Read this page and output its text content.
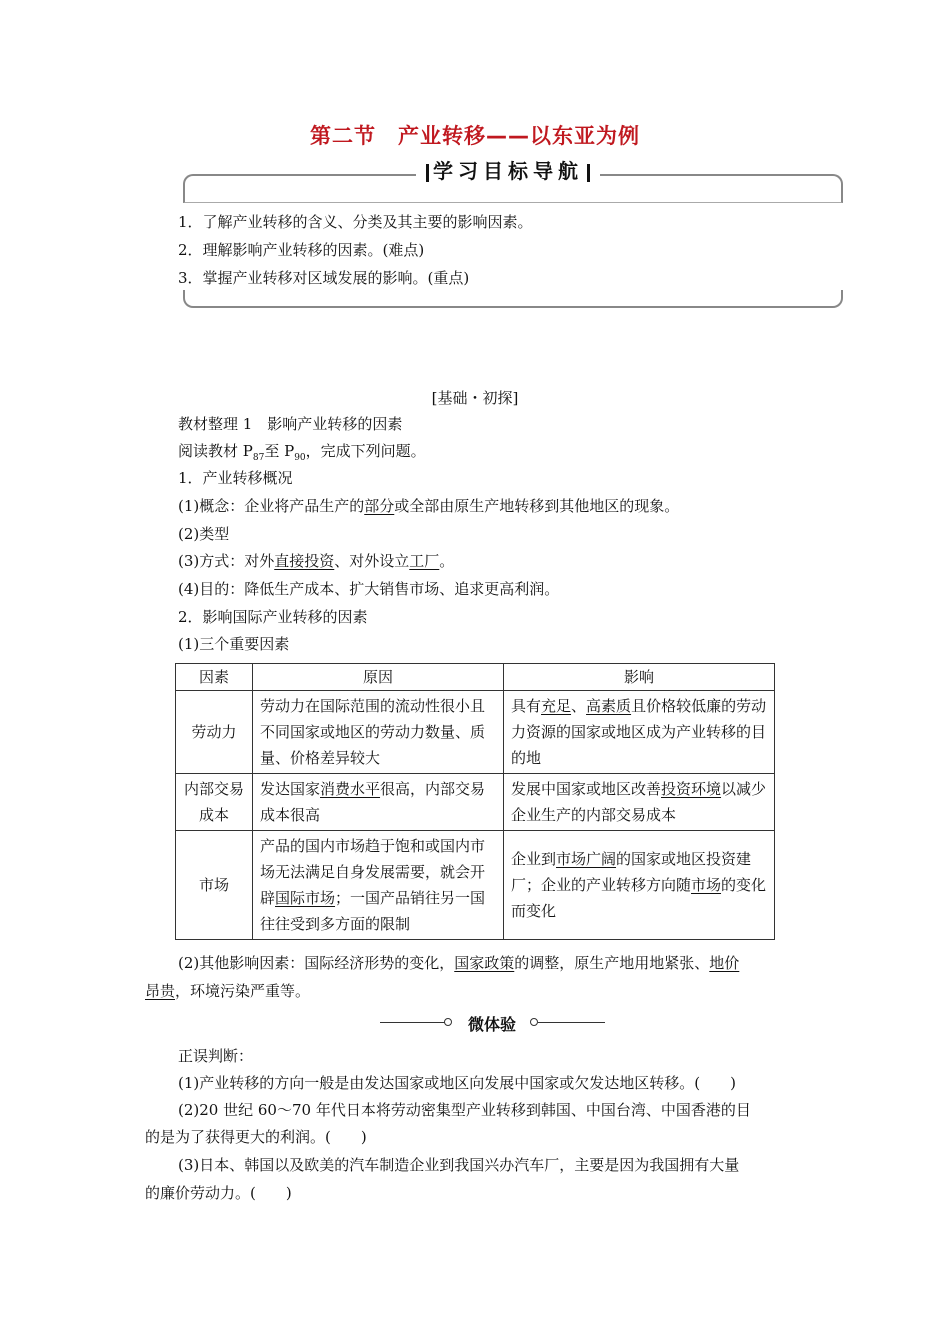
第二节 产业转移——以东亚为例
学习目标导航
1．了解产业转移的含义、分类及其主要的影响因素。
2．理解影响产业转移的因素。(难点)
3．掌握产业转移对区域发展的影响。(重点)
[基础・初探]
教材整理 1　影响产业转移的因素
阅读教材 $P_{87}$至 $P_{90}$，完成下列问题。
1．产业转移概况
(1)概念：企业将产品生产的部分或全部由原生产地转移到其他地区的现象。
(2)类型
(3)方式：对外直接投资、对外设立工厂。
(4)目的：降低生产成本、扩大销售市场、追求更高利润。
2．影响国际产业转移的因素
(1)三个重要因素
因素	原因	影响
劳动力	劳动力在国际范围的流动性很小且不同国家或地区的劳动力数量、质量、价格差异较大	具有充足、高素质且价格较低廉的劳动力资源的国家或地区成为产业转移的目的地
内部交易成本	发达国家消费水平很高，内部交易成本很高	发展中国家或地区改善投资环境以减少企业生产的内部交易成本
市场	产品的国内市场趋于饱和或国内市场无法满足自身发展需要，就会开辟国际市场；一国产品销往另一国往往受到多方面的限制	企业到市场广阔的国家或地区投资建厂；企业的产业转移方向随市场的变化而变化
(2)其他影响因素：国际经济形势的变化，国家政策的调整，原生产地用地紧张、地价
昂贵，环境污染严重等。
微体验
正误判断：
(1)产业转移的方向一般是由发达国家或地区向发展中国家或欠发达地区转移。(　　)
(2)20 世纪 60～70 年代日本将劳动密集型产业转移到韩国、中国台湾、中国香港的目
的是为了获得更大的利润。(　　)
(3)日本、韩国以及欧美的汽车制造企业到我国兴办汽车厂，主要是因为我国拥有大量
的廉价劳动力。(　　)
